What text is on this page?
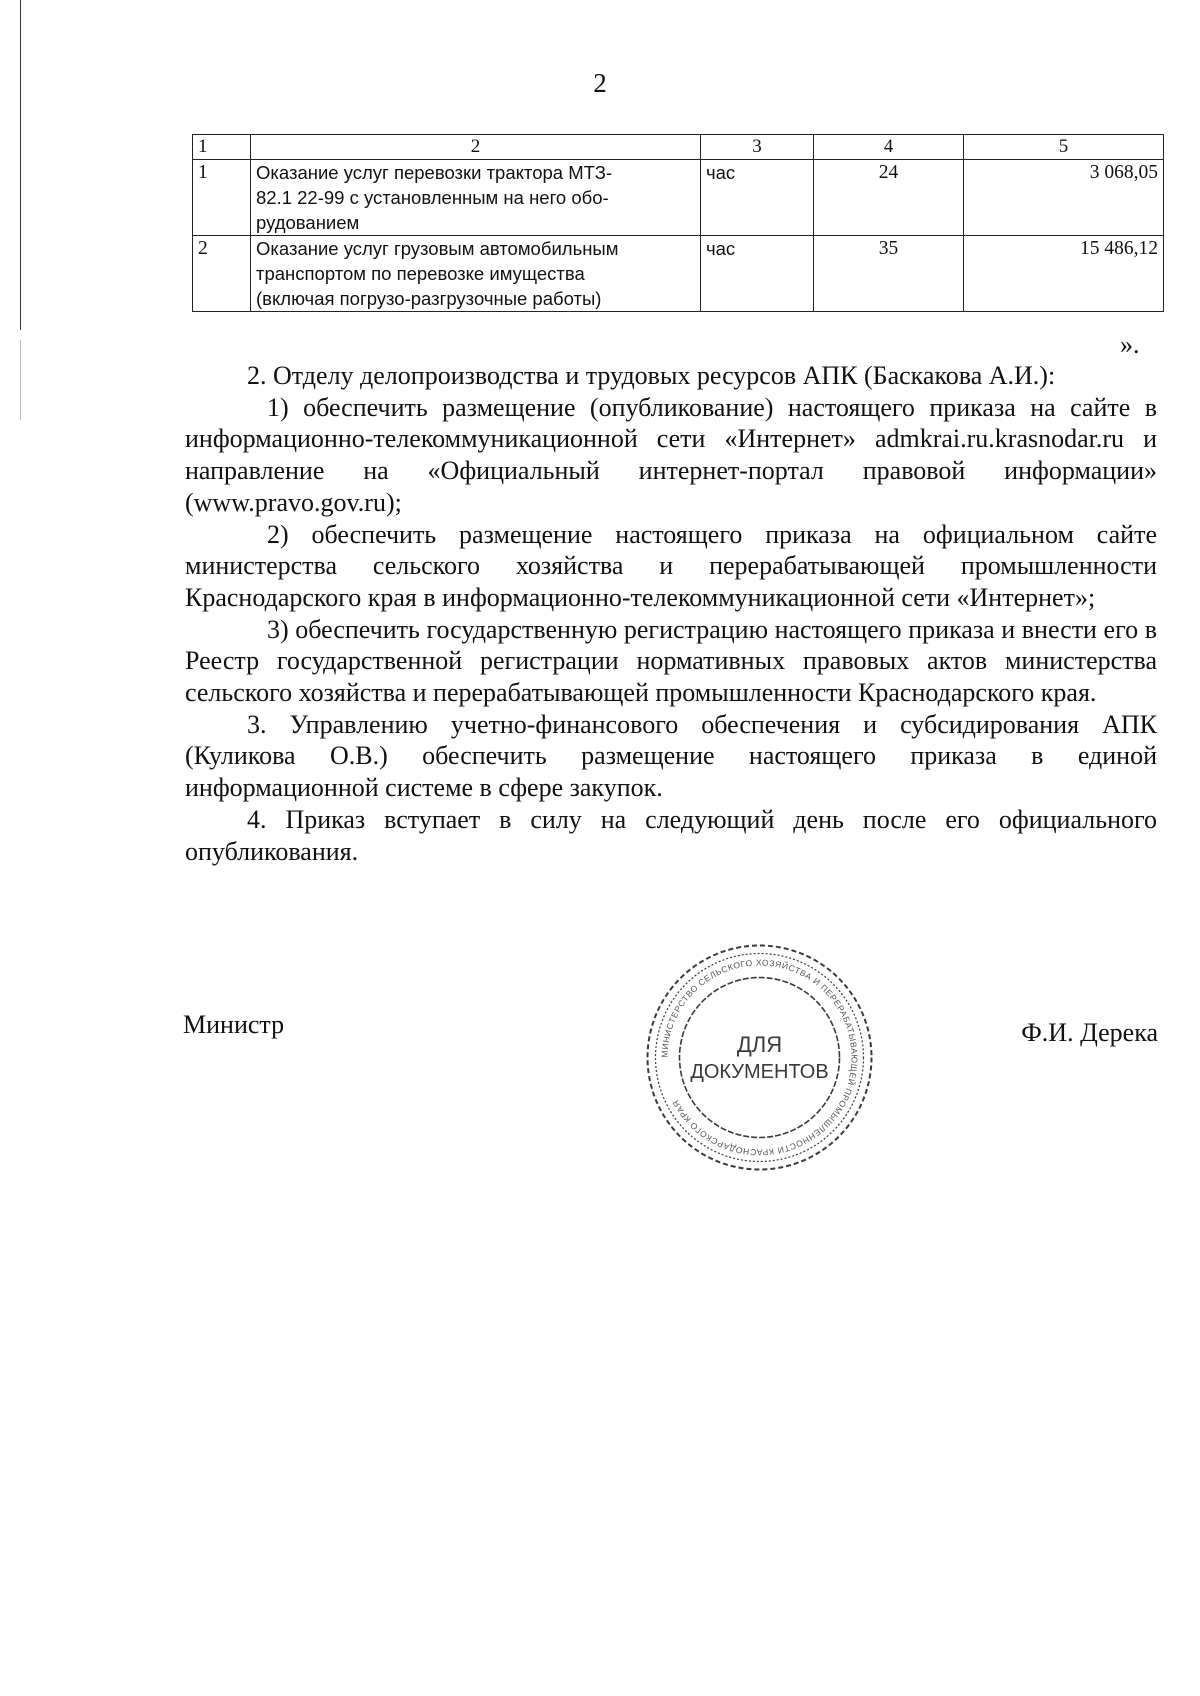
2
1	2	3	4	5
1	Оказание услуг перевозки трактора МТЗ-
82.1 22-99 с установленным на него обо-
рудованием	час	24	3 068,05
2	Оказание услуг грузовым автомобильным
транспортом по перевозке имущества
(включая погрузо-разгрузочные работы)	час	35	15 486,12
».

2. Отделу делопроизводства и трудовых ресурсов АПК (Баскакова А.И.):

1) обеспечить размещение (опубликование) настоящего приказа на сайте в информационно-телекоммуникационной сети «Интернет» admkrai.ru.krasnodar.ru и направление на «Официальный интернет-портал правовой информации» (www.pravo.gov.ru);

2) обеспечить размещение настоящего приказа на официальном сайте министерства сельского хозяйства и перерабатывающей промышленности Краснодарского края в информационно-телекоммуникационной сети «Интернет»;

3) обеспечить государственную регистрацию настоящего приказа и внести его в Реестр государственной регистрации нормативных правовых актов министерства сельского хозяйства и перерабатывающей промышленности Краснодарского края.

3. Управлению учетно-финансового обеспечения и субсидирования АПК (Куликова О.В.) обеспечить размещение настоящего приказа в единой информационной системе в сфере закупок.

4. Приказ вступает в силу на следующий день после его официального опубликования.

Министр	Ф.И. Дерека
МИНИСТЕРСТВО СЕЛЬСКОГО ХОЗЯЙСТВА И ПЕРЕРАБАТЫВАЮЩЕЙ ПРОМЫШЛЕННОСТИ КРАСНОДАРСКОГО КРАЯ
ДЛЯ
ДОКУМЕНТОВ
